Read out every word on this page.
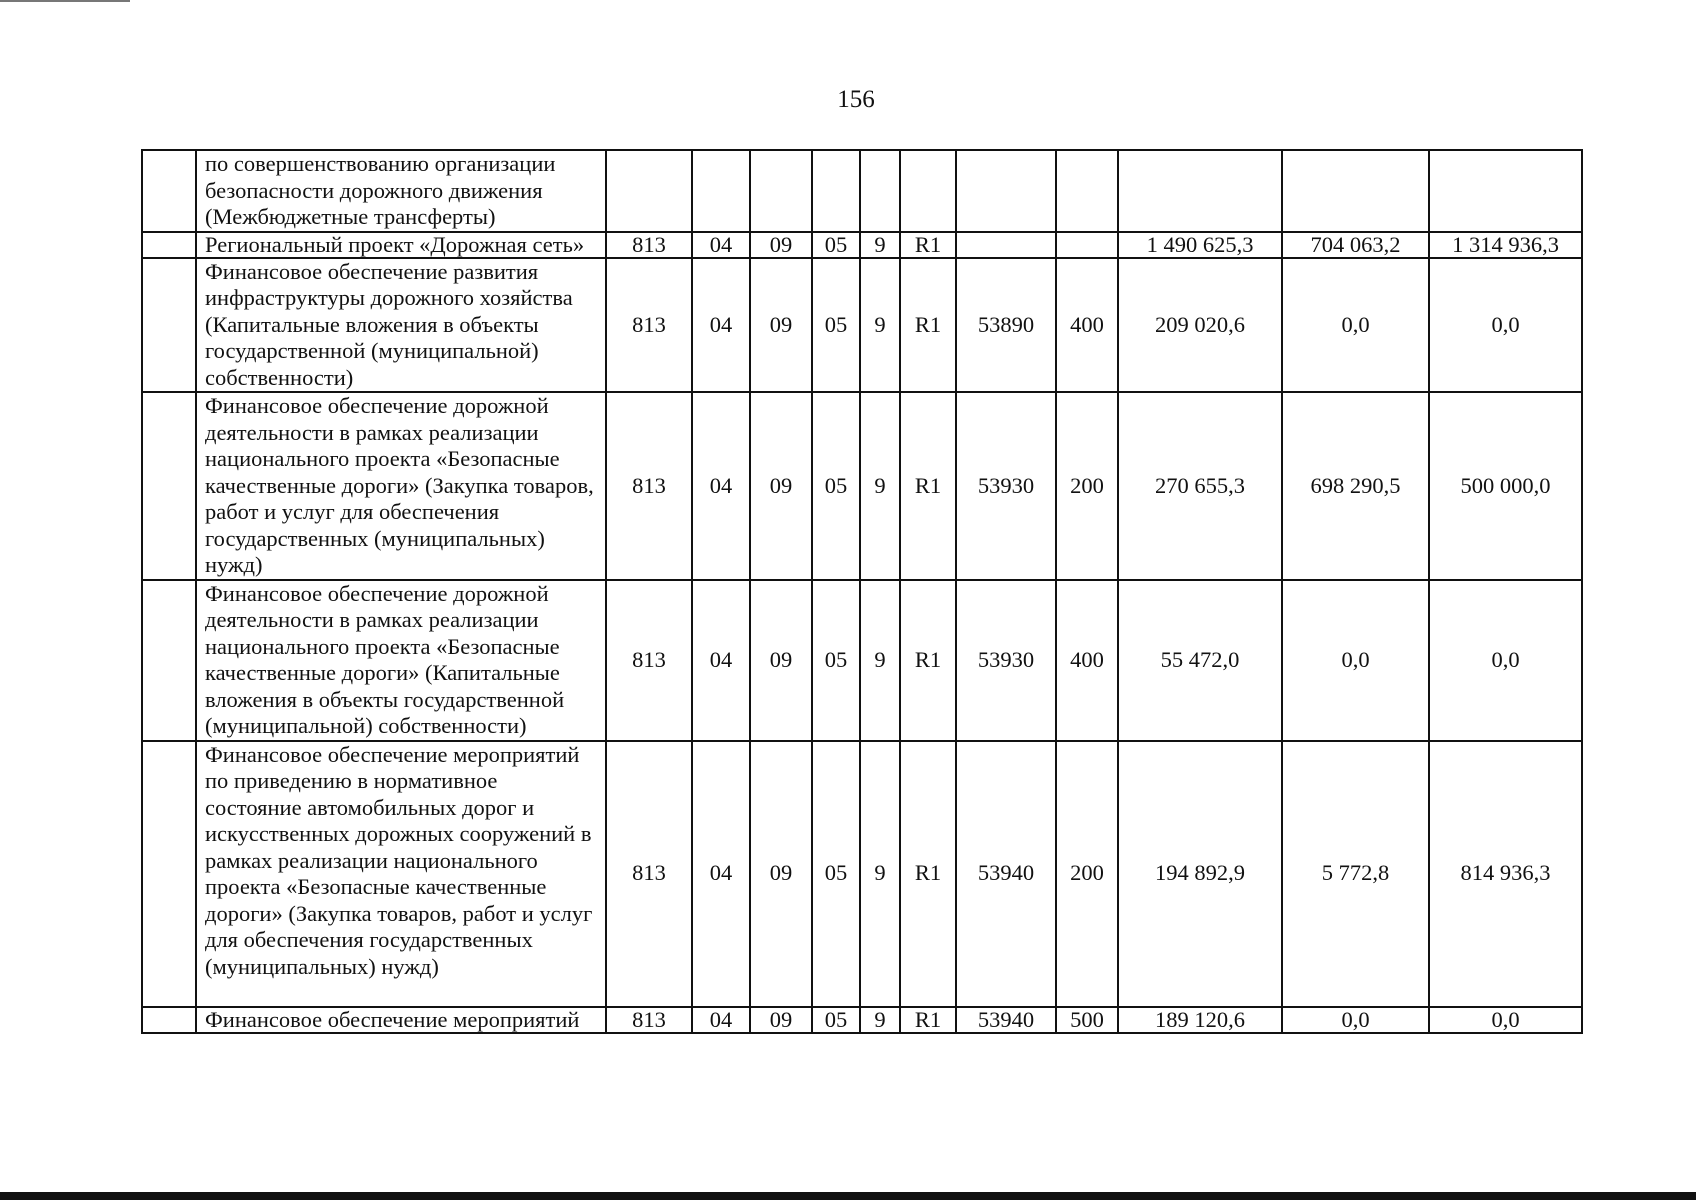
156
	по совершенствованию организации безопасности дорожного движения (Межбюджетные трансферты)											
	Региональный проект «Дорожная сеть»	813	04	09	05	9	R1			1 490 625,3	704 063,2	1 314 936,3
	Финансовое обеспечение развития инфраструктуры дорожного хозяйства (Капитальные вложения в объекты государственной (муниципальной) собственности)	813	04	09	05	9	R1	53890	400	209 020,6	0,0	0,0
	Финансовое обеспечение дорожной деятельности в рамках реализации национального проекта «Безопасные качественные дороги» (Закупка товаров, работ и услуг для обеспечения государственных (муниципальных) нужд)	813	04	09	05	9	R1	53930	200	270 655,3	698 290,5	500 000,0
	Финансовое обеспечение дорожной деятельности в рамках реализации национального проекта «Безопасные качественные дороги» (Капитальные вложения в объекты государственной (муниципальной) собственности)	813	04	09	05	9	R1	53930	400	55 472,0	0,0	0,0
	Финансовое обеспечение мероприятий по приведению в нормативное состояние автомобильных дорог и искусственных дорожных сооружений в рамках реализации национального проекта «Безопасные качественные дороги» (Закупка товаров, работ и услуг для обеспечения государственных (муниципальных) нужд)	813	04	09	05	9	R1	53940	200	194 892,9	5 772,8	814 936,3
	Финансовое обеспечение мероприятий	813	04	09	05	9	R1	53940	500	189 120,6	0,0	0,0
